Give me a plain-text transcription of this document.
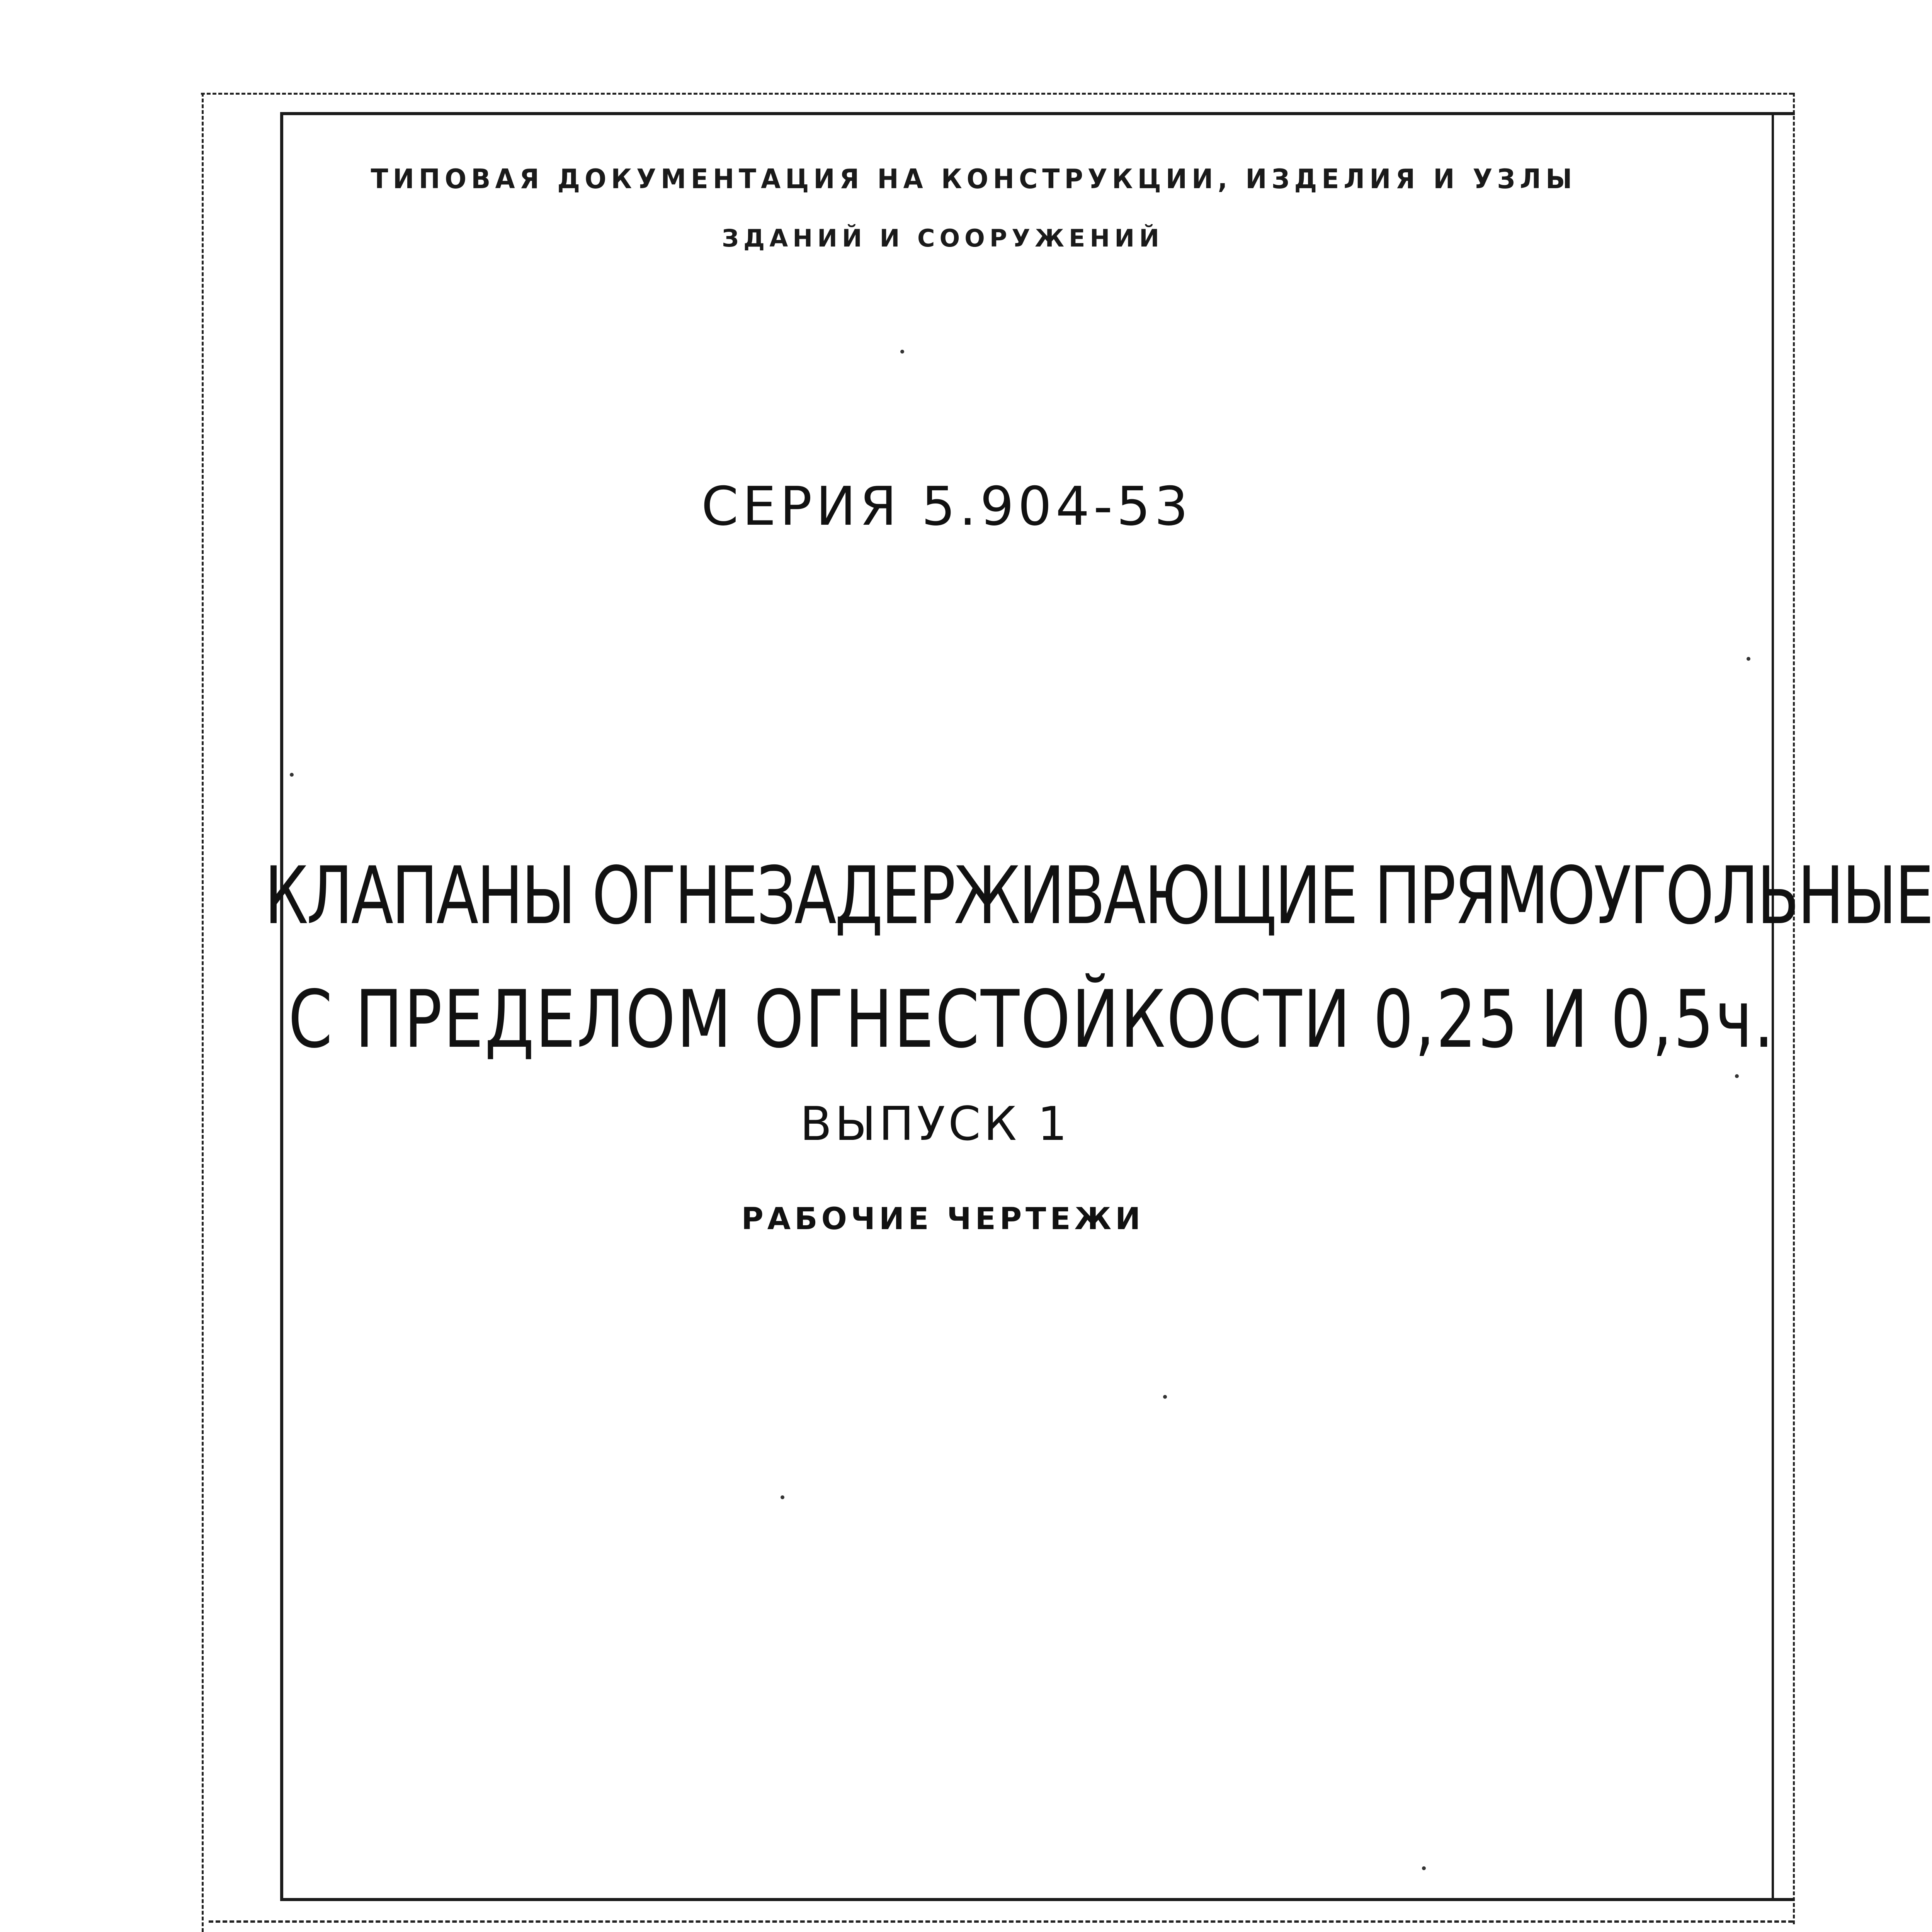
ТИПОВАЯ ДОКУМЕНТАЦИЯ НА КОНСТРУКЦИИ, ИЗДЕЛИЯ И УЗЛЫ
ЗДАНИЙ И СООРУЖЕНИЙ
СЕРИЯ 5.904-53
КЛАПАНЫ ОГНЕЗАДЕРЖИВАЮЩИЕ ПРЯМОУГОЛЬНЫЕ
С ПРЕДЕЛОМ ОГНЕСТОЙКОСТИ 0,25 И 0,5ч.
ВЫПУСК 1
РАБОЧИЕ ЧЕРТЕЖИ
